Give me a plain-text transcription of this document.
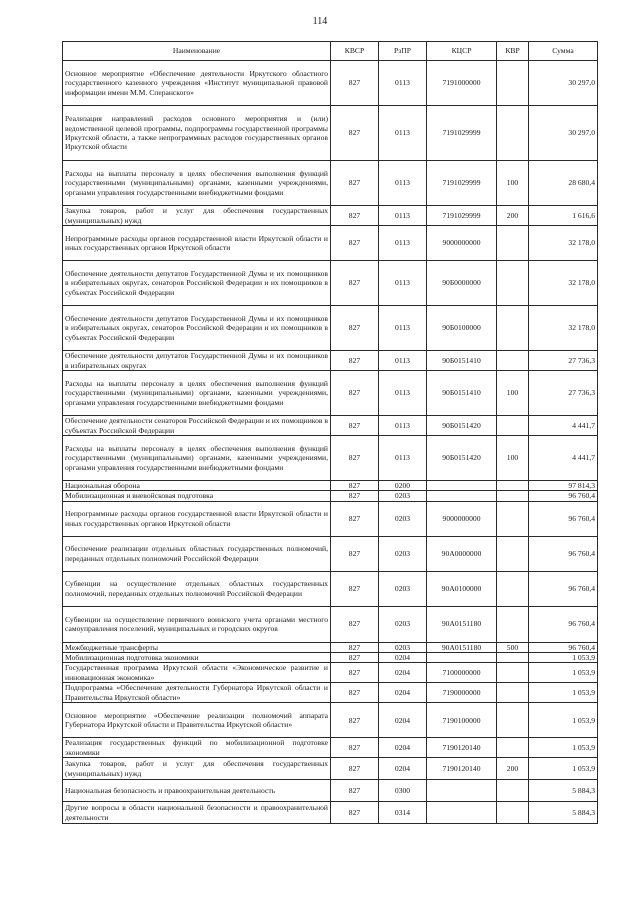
114
Наименование	КВСР	РзПР	КЦСР	КВР	Сумма
Основное мероприятие «Обеспечение деятельности Иркутского областного государственного казенного учреждения «Институт муниципальной правовой информации имени М.М. Сперанского»	827	0113	7191000000		30 297,0
Реализация направлений расходов основного мероприятия и (или) ведомственной целевой программы, подпрограммы государственной программы Иркутской области, а также непрограммных расходов государственных органов Иркутской области	827	0113	7191029999		30 297,0
Расходы на выплаты персоналу в целях обеспечения выполнения функций государственными (муниципальными) органами, казенными учреждениями, органами управления государственными внебюджетными фондами	827	0113	7191029999	100	28 680,4
Закупка товаров, работ и услуг для обеспечения государственных (муниципальных) нужд	827	0113	7191029999	200	1 616,6
Непрограммные расходы органов государственной власти Иркутской области и иных государственных органов Иркутской области	827	0113	9000000000		32 178,0
Обеспечение деятельности депутатов Государственной Думы и их помощников в избирательных округах, сенаторов Российской Федерации и их помощников в субъектах Российской Федерации	827	0113	90Б0000000		32 178,0
Обеспечение деятельности депутатов Государственной Думы и их помощников в избирательных округах, сенаторов Российской Федерации и их помощников в субъектах Российской Федерации	827	0113	90Б0100000		32 178,0
Обеспечение деятельности депутатов Государственной Думы и их помощников в избирательных округах	827	0113	90Б0151410		27 736,3
Расходы на выплаты персоналу в целях обеспечения выполнения функций государственными (муниципальными) органами, казенными учреждениями, органами управления государственными внебюджетными фондами	827	0113	90Б0151410	100	27 736,3
Обеспечение деятельности сенаторов Российской Федерации и их помощников в субъектах Российской Федерации	827	0113	90Б0151420		4 441,7
Расходы на выплаты персоналу в целях обеспечения выполнения функций государственными (муниципальными) органами, казенными учреждениями, органами управления государственными внебюджетными фондами	827	0113	90Б0151420	100	4 441,7
Национальная оборона	827	0200			97 814,3
Мобилизационная и вневойсковая подготовка	827	0203			96 760,4
Непрограммные расходы органов государственной власти Иркутской области и иных государственных органов Иркутской области	827	0203	9000000000		96 760,4
Обеспечение реализации отдельных областных государственных полномочий, переданных отдельных полномочий Российской Федерации	827	0203	90А0000000		96 760,4
Субвенции на осуществление отдельных областных государственных полномочий, переданных отдельных полномочий Российской Федерации	827	0203	90А0100000		96 760,4
Субвенции на осуществление первичного воинского учета органами местного самоуправления поселений, муниципальных и городских округов	827	0203	90А0151180		96 760,4
Межбюджетные трансферты	827	0203	90А0151180	500	96 760,4
Мобилизационная подготовка экономики	827	0204			1 053,9
Государственная программа Иркутской области «Экономическое развитие и инновационная экономика»	827	0204	7100000000		1 053,9
Подпрограмма «Обеспечение деятельности Губернатора Иркутской области и Правительства Иркутской области»	827	0204	7190000000		1 053,9
Основное мероприятие «Обеспечение реализации полномочий аппарата Губернатора Иркутской области и Правительства Иркутской области»	827	0204	7190100000		1 053,9
Реализация государственных функций по мобилизационной подготовке экономики	827	0204	7190120140		1 053,9
Закупка товаров, работ и услуг для обеспечения государственных (муниципальных) нужд	827	0204	7190120140	200	1 053,9
Национальная безопасность и правоохранительная деятельность	827	0300			5 884,3
Другие вопросы в области национальной безопасности и правоохранительной деятельности	827	0314			5 884,3
